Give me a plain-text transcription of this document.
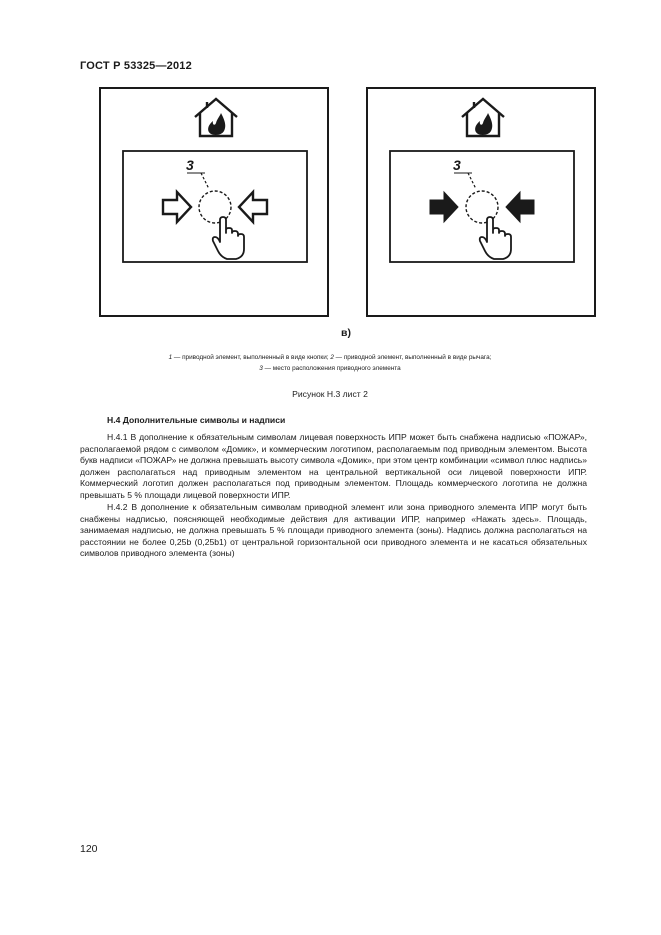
ГОСТ Р 53325—2012
3	3
в)
1 — приводной элемент, выполненный в виде кнопки; 2 — приводной элемент, выполненный в виде рычага;
3 — место расположения приводного элемента
Рисунок Н.3 лист 2
Н.4 Дополнительные символы и надписи

Н.4.1 В дополнение к обязательным символам лицевая поверхность ИПР может быть снабжена надписью «ПОЖАР», располагаемой рядом с символом «Домик», и коммерческим логотипом, располагаемым под приводным элементом. Высота букв надписи «ПОЖАР» не должна превышать высоту символа «Домик», при этом центр комбинации «символ плюс надпись» должен располагаться над приводным элементом на центральной вертикальной оси лицевой поверхности ИПР. Коммерческий логотип должен располагаться под приводным элементом. Площадь коммерческого логотипа не должна превышать 5 % площади лицевой поверхности ИПР.

Н.4.2 В дополнение к обязательным символам приводной элемент или зона приводного элемента ИПР могут быть снабжены надписью, поясняющей необходимые действия для активации ИПР, например «Нажать здесь». Площадь, занимаемая надписью, не должна превышать 5 % площади приводного элемента (зоны). Надпись должна располагаться на расстоянии не более 0,25b (0,25b1) от центральной горизонтальной оси приводного элемента и не касаться обязательных символов приводного элемента (зоны)

120
